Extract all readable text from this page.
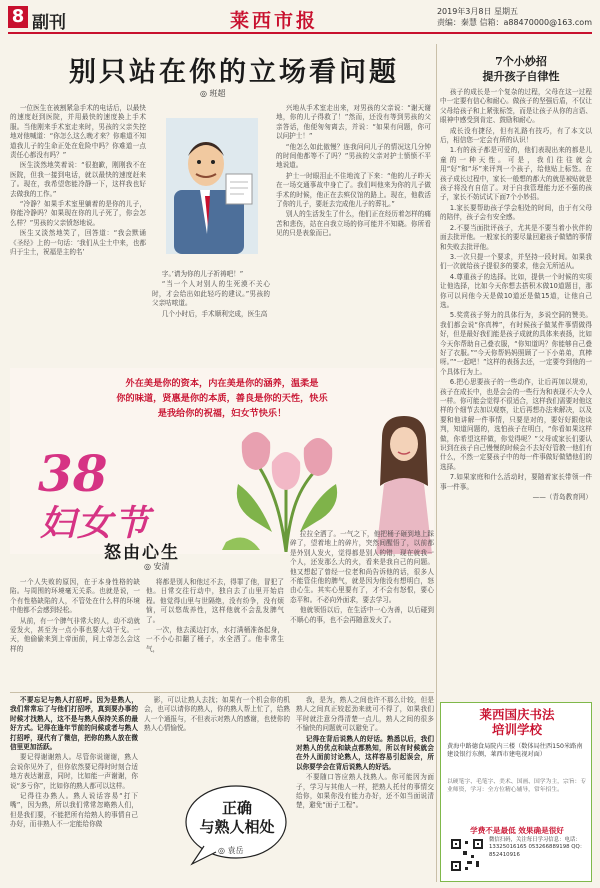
8 副刊	莱西市报	2019年3月8日 星期五
责编：秦慧 信箱：a88470000@163.com
别只站在你的立场看问题
◎ 班超

一位医生在被割紧急手术的电话后，以最快的速度赶到医院，并用最快的速度换上手术服。当他刚来手术室走来时，男孩的父亲失控地对他喊道：“你怎么这么晚才来？你难道不知道我儿子的生命正处在危险中吗？你难道一点责任心都没有吗？”

医生淡然地笑着说：“很抱歉，刚刚我不在医院，但我一接到电话，就以最快的速度赶来了。现在，我希望您能冷静一下，这样我也好去做我的工作。”

“冷静？如果手术室里躺着的是你的儿子，你能冷静吗？如果现在你的儿子死了，你会怎么样？”男孩的父亲愤怒地说。

医生又淡然地笑了，回答道：“我会默诵《圣经》上的一句话：‘我们从尘土中来，也都归于尘土，祝福是主的名’

字。’请为你的儿子祈祷吧！”

“当一个人对别人的生死漠不关心时，才会给出如此轻巧的建议。”男孩的父亲咕哝道。

几个小时后，手术顺利完成，医生高

兴地从手术室走出来，对男孩的父亲说：“谢天谢地，你的儿子得救了！”然而，还没有等到男孩的父亲答话，他便匆匆离去，并说：“如果有问题，你可以问护士！”

“他怎么如此傲慢？连我问问儿子的情况这几分钟的时间他都等不了吗？”男孩的父亲对护士愤愤不平地说道。

护士一时眼泪止不住地流了下来：“他的儿子昨天在一场交通事故中身亡了。我们叫他来为你的儿子做手术的时候，他正在去殡仪馆的路上。现在，他救活了你的儿子，要赶去完成他儿子的葬礼。”

别人的生活发生了什么，他们正在经历着怎样的痛苦和悲伤，站在自我立场的你可能并不知晓。你所看见的只是表象而已。

7个小妙招
提升孩子自律性

孩子的成长是一个复杂的过程，父母在这一过程中一定要有信心和耐心。做孩子的坚强后盾，不仅让父母给孩子和上紧张标签，而是让孩子从你的言语、眼神中感受到肯定、鼓励和耐心。

成长没有捷径，但有礼路有技巧，有了本文以后，相信您一定会有所的认识！

1.有的孩子都是可爱的，他们表现出来的都是儿童的一种天性。可是，我们往往就会用“好”和“坏”来评判一个孩子，给他贴上标签。在孩子成长过程中，家长一般想的都大的就是被贴就是孩子将没有自信了。对于自我管理能力还不强的孩子，家长不妨试试下面7个小妙招。

1.家长要帮助孩子学会相处的时间，由于有父母的陪伴，孩子会有安全感。

2.不要当面批评孩子，尤其是不要当着小伙伴的面去批评他。一般家长的要尽量回避孩子做错的事情和失败去批评他。

3.一次只提一个要求，并坚持一段时间。如果我们一次就给孩子提很多的要求，他会无所适从。

4.尊重孩子的选择。比如，提供一个时候的实项让他选择，比如今天你想去搭积木做10道题目，那你可以问他今天是做10道还是做15道，让他自己选。

5.奖赏孩子努力的具体行为，多说空洞的赞美。我们都会说“你真棒”，有时候孩子做某件事情做得好，但是最好我们能是孩子成就的具体来表扬，比如今天你帮助自己叠衣服，“你知道吗？你能够自己叠好了衣服。”“今天你帮妈妈照顾了一下小弟弟，真棒呀。”“一起吧！”这样的表扬去还，一定要夸到他的一个具体行为上。

6.把心思要孩子的一些动作，让后再加以规劝，孩子在成长中，也是会会的一些行为和表现不大令人一样。你可能会觉得不很适合，这样我们需要对他这样的个细节去加以观察，让后再想办法来解决，以及要和他讲解一件事情，只要是对的，要好好跟他谈判，知道问题的，选怕孩子在明白，“你看如果这样做，你希望这样做，你觉得呢？”父母或家长们要认识到在孩子自己慢慢的时候会不去好好管教一他们有什么，不然一定要孩子中的每一件事做好做错他们的选择。

7.如果家庭和什么活动时，要随着家长带领一件事一件事。

——（青岛教育网）

外在美是你的资本，内在美是你的涵养，温柔是
你的味道，贤惠是你的本质，善良是你的天性，快乐
是我给你的祝福，妇女节快乐！
38
妇女节
怒由心生
◎ 安清

一个人失败的原因，在于本身性格的缺陷。与周围的环境毫无关系。也就是说，一个有性格缺陷的人，不管处在什么样的环境中他都不会感到轻松。

从前，有一个脾气非常大的人，动不动就爱发火，甚至为一点小事也要大动干戈。一天，他偷偷来到上帝面前，问上帝怎么会这样的

将都是别人和他过不去，得罪了他，冒犯了他。日常交往行动中，独自去了山里开始启程。他觉得山里与世隔绝，没有纷争，没有烦恼，可以悠哉养性，这样他就不会乱发脾气了。

一次，他去溪边打水，水打满桶准备起身，一不小心扣翻了桶子，水全洒了。他非常生气，

拉拉全洒了。一气之下，他把桶子砸到地上踩碎了，望着地上的碎片，突然间醒悟了，以前都是外别人发火，觉得都是别人的错，现在就我一个人，还发那么大的火，看来是我自己的问题。他又想起了曾经一位老和尚告诉他的话，很多人不能管住他的脾气，就是因为他没有想明白，怒由心生。其实心里要有了，才不会有怒恨，要心态平和。不必向外面求，要去学习。

他就领悟以后，在生活中一心为善，以后碰到不顺心的事，也不会再随意发火了。

不要忘记与熟人打招呼。因为是熟人，我们常常忘了与他们打招呼，真到要办事的时候才找熟人，这不是与熟人保持关系的最好方式。记得在逢年节前的问候或者与熟人打招呼，现代有了微信，把你的熟人放在微信里更加活跃。

要记得谢谢熟人。尽管你说谢谢，熟人会说你见外了，但你依然要记得时时刻合适地方表达谢意，同时，比如能一声谢谢，你说“多亏你”，比如你的熟人都可以这样。

记得往办熟人。熟人说话容易“打下嘴”，因为熟，所以我们常常忽略熟人们，但是我们要，不能把所有给熟人的事情自己办好，而非熟人不一定能给你做

影，可以让熟人去找；如果有一个机会你的机会，也可以请你的熟人，你的熟人帮上忙了，给熟人一个通报与，不但表示对熟人的感谢，也使你的熟人心情愉悦。

正确
与熟人相处
◎ 袁岳

我，是为，熟人之间也许不那么计较，但是熟人之间真正较起劲来就可不得了，如果我们平时就注意分得清楚一点儿，熟人之间的很多不愉快的问题就可以避免了。

记得在背后说熟人的好话。熟悉以后，我们对熟人的优点和缺点都熟知，所以有时候就会在外人面前讨论熟人，这样容易引起误会，所以你要学会在背后说熟人的好话。

不要随口答应熟人找熟人。你可能因为面子，学习与其他人一样，把熟人托付的事情交给你，如果你没有能力办好，还不如当面说清楚，避免“面子工程”。

莱西国庆书法
培训学校
黄海中路德食局院内三楼（数体局往西150米路南建设银行东侧，莱西市建电视对面）
以硬笔字、毛笔字、美术、国画、国学为主，宗旨：专业师资，学习：全方位精心辅导，常年招生。
学费不是最低 效果确是很好
微信扫码，关注每日学习信息：电话：13325016165 053266889198 QQ：852410916
